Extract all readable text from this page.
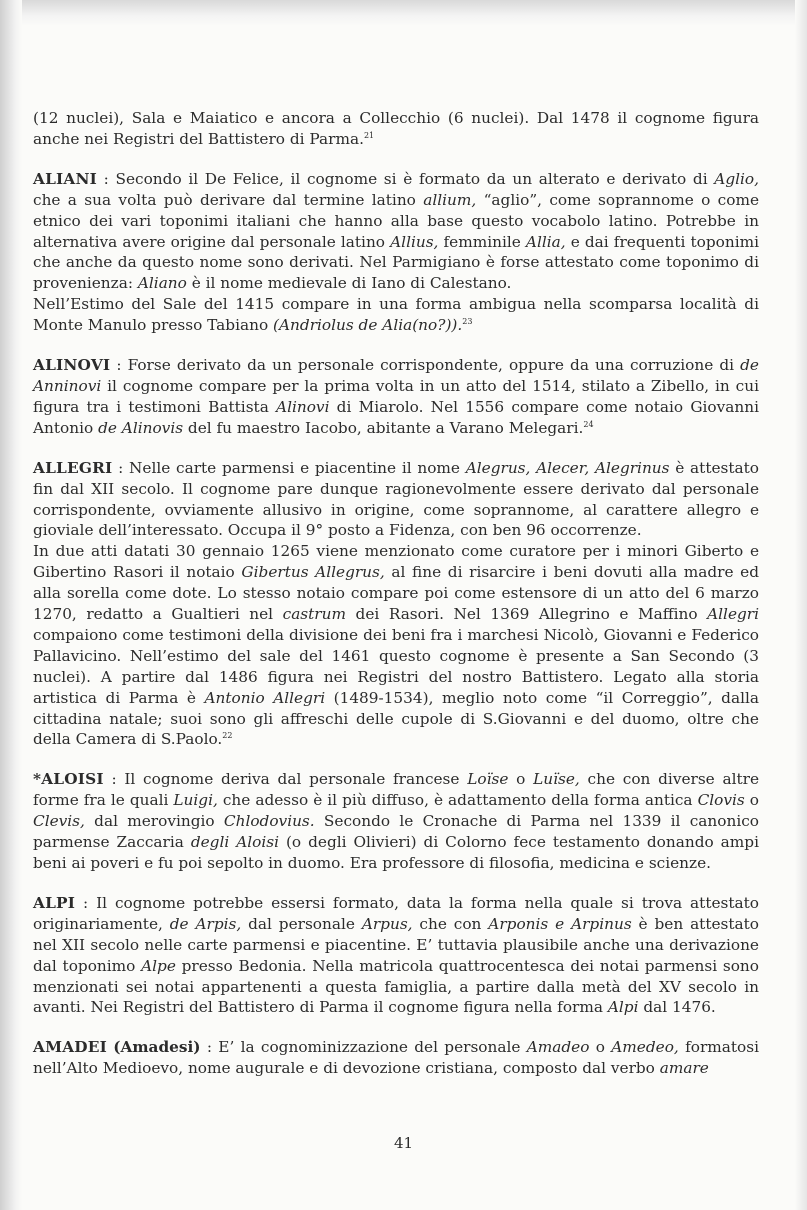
(12 nuclei), Sala e Maiatico e ancora a Collecchio (6 nuclei). Dal 1478 il cognome figura anche nei Registri del Battistero di Parma.$^{21}$

ALIANI : Secondo il De Felice, il cognome si è formato da un alterato e derivato di Aglio, che a sua volta può derivare dal termine latino allium, “aglio”, come soprannome o come etnico dei vari toponimi italiani che hanno alla base questo vocabolo latino. Potrebbe in alternativa avere origine dal personale latino Allius, femminile Allia, e dai frequenti toponimi che anche da questo nome sono derivati. Nel Parmigiano è forse attestato come toponimo di provenienza: Aliano è il nome medievale di Iano di Calestano.

Nell’Estimo del Sale del 1415 compare in una forma ambigua nella scomparsa località di Monte Manulo presso Tabiano (Andriolus de Alia(no?)).$^{23}$

ALINOVI : Forse derivato da un personale corrispondente, oppure da una corruzione di de Anninovi il cognome compare per la prima volta in un atto del 1514, stilato a Zibello, in cui figura tra i testimoni Battista Alinovi di Miarolo. Nel 1556 compare come notaio Giovanni Antonio de Alinovis del fu maestro Iacobo, abitante a Varano Melegari.$^{24}$

ALLEGRI : Nelle carte parmensi e piacentine il nome Alegrus, Alecer, Alegrinus è attestato fin dal XII secolo. Il cognome pare dunque ragionevolmente essere derivato dal personale corrispondente, ovviamente allusivo in origine, come soprannome, al carattere allegro e gioviale dell’interessato. Occupa il 9° posto a Fidenza, con ben 96 occorrenze.

In due atti datati 30 gennaio 1265 viene menzionato come curatore per i minori Giberto e Gibertino Rasori il notaio Gibertus Allegrus, al fine di risarcire i beni dovuti alla madre ed alla sorella come dote. Lo stesso notaio compare poi come estensore di un atto del 6 marzo 1270, redatto a Gualtieri nel castrum dei Rasori. Nel 1369 Allegrino e Maffino Allegri compaiono come testimoni della divisione dei beni fra i marchesi Nicolò, Giovanni e Federico Pallavicino. Nell’estimo del sale del 1461 questo cognome è presente a San Secondo (3 nuclei). A partire dal 1486 figura nei Registri del nostro Battistero. Legato alla storia artistica di Parma è Antonio Allegri (1489-1534), meglio noto come “il Correggio”, dalla cittadina natale; suoi sono gli affreschi delle cupole di S.Giovanni e del duomo, oltre che della Camera di S.Paolo.$^{22}$

*ALOISI : Il cognome deriva dal personale francese Loïse o Luïse, che con diverse altre forme fra le quali Luigi, che adesso è il più diffuso, è adattamento della forma antica Clovis o Clevis, dal merovingio Chlodovius. Secondo le Cronache di Parma nel 1339 il canonico parmense Zaccaria degli Aloisi (o degli Olivieri) di Colorno fece testamento donando ampi beni ai poveri e fu poi sepolto in duomo. Era professore di filosofia, medicina e scienze.

ALPI : Il cognome potrebbe essersi formato, data la forma nella quale si trova attestato originariamente, de Arpis, dal personale Arpus, che con Arponis e Arpinus è ben attestato nel XII secolo nelle carte parmensi e piacentine. E’ tuttavia plausibile anche una derivazione dal toponimo Alpe presso Bedonia. Nella matricola quattrocentesca dei notai parmensi sono menzionati sei notai appartenenti a questa famiglia, a partire dalla metà del XV secolo in avanti. Nei Registri del Battistero di Parma il cognome figura nella forma Alpi dal 1476.

AMADEI (Amadesi) : E’ la cognominizzazione del personale Amadeo o Amedeo, formatosi nell’Alto Medioevo, nome augurale e di devozione cristiana, composto dal verbo amare

41
